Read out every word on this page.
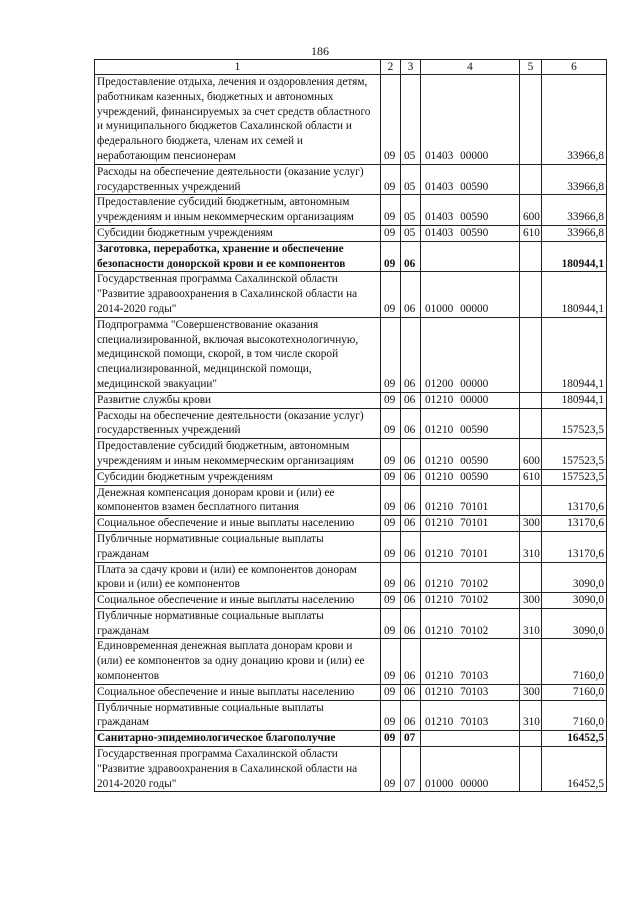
186
1	2	3	4	5	6
Предоставление отдыха, лечения и оздоровления детям, работникам казенных, бюджетных и автономных учреждений, финансируемых за счет средств областного и муниципального бюджетов Сахалинской области и федерального бюджета, членам их семей и неработающим пенсионерам	09	05	01403 00000		33966,8
Расходы на обеспечение деятельности (оказание услуг) государственных учреждений	09	05	01403 00590		33966,8
Предоставление субсидий бюджетным, автономным учреждениям и иным некоммерческим организациям	09	05	01403 00590	600	33966,8
Субсидии бюджетным учреждениям	09	05	01403 00590	610	33966,8
Заготовка, переработка, хранение и обеспечение безопасности донорской крови и ее компонентов	09	06			180944,1
Государственная программа Сахалинской области "Развитие здравоохранения в Сахалинской области на 2014-2020 годы"	09	06	01000 00000		180944,1
Подпрограмма "Совершенствование оказания специализированной, включая высокотехнологичную, медицинской помощи, скорой, в том числе скорой специализированной, медицинской помощи, медицинской эвакуации"	09	06	01200 00000		180944,1
Развитие службы крови	09	06	01210 00000		180944,1
Расходы на обеспечение деятельности (оказание услуг) государственных учреждений	09	06	01210 00590		157523,5
Предоставление субсидий бюджетным, автономным учреждениям и иным некоммерческим организациям	09	06	01210 00590	600	157523,5
Субсидии бюджетным учреждениям	09	06	01210 00590	610	157523,5
Денежная компенсация донорам крови и (или) ее компонентов взамен бесплатного питания	09	06	01210 70101		13170,6
Социальное обеспечение и иные выплаты населению	09	06	01210 70101	300	13170,6
Публичные нормативные социальные выплаты гражданам	09	06	01210 70101	310	13170,6
Плата за сдачу крови и (или) ее компонентов донорам крови и (или) ее компонентов	09	06	01210 70102		3090,0
Социальное обеспечение и иные выплаты населению	09	06	01210 70102	300	3090,0
Публичные нормативные социальные выплаты гражданам	09	06	01210 70102	310	3090,0
Единовременная денежная выплата донорам крови и (или) ее компонентов за одну донацию крови и (или) ее компонентов	09	06	01210 70103		7160,0
Социальное обеспечение и иные выплаты населению	09	06	01210 70103	300	7160,0
Публичные нормативные социальные выплаты гражданам	09	06	01210 70103	310	7160,0
Санитарно-эпидемиологическое благополучие	09	07			16452,5
Государственная программа Сахалинской области "Развитие здравоохранения в Сахалинской области на 2014-2020 годы"	09	07	01000 00000		16452,5
